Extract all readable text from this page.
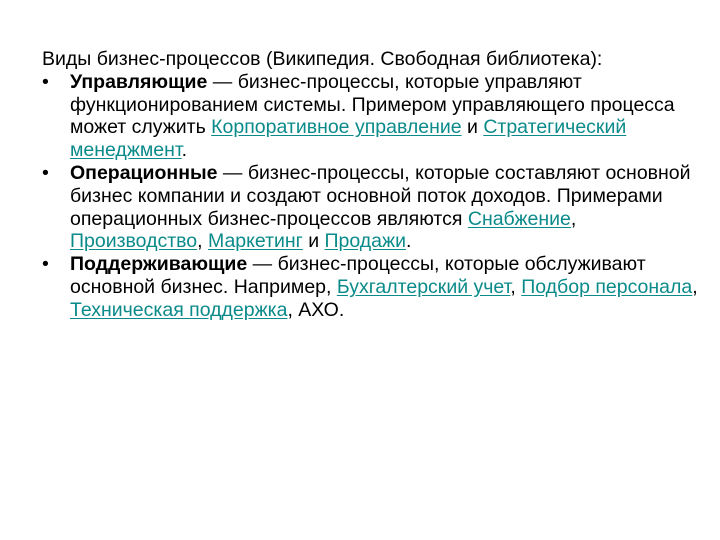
Виды бизнес-процессов (Википедия. Свободная библиотека):

•	Управляющие — бизнес-процессы, которые управляют функционированием системы. Примером управляющего процесса может служить Корпоративное управление и Стратегический менеджмент.
•	Операционные — бизнес-процессы, которые составляют основной бизнес компании и создают основной поток доходов. Примерами операционных бизнес-процессов являются Снабжение, Производство, Маркетинг и Продажи.
•	Поддерживающие — бизнес-процессы, которые обслуживают основной бизнес. Например, Бухгалтерский учет, Подбор персонала, Техническая поддержка, АХО.
